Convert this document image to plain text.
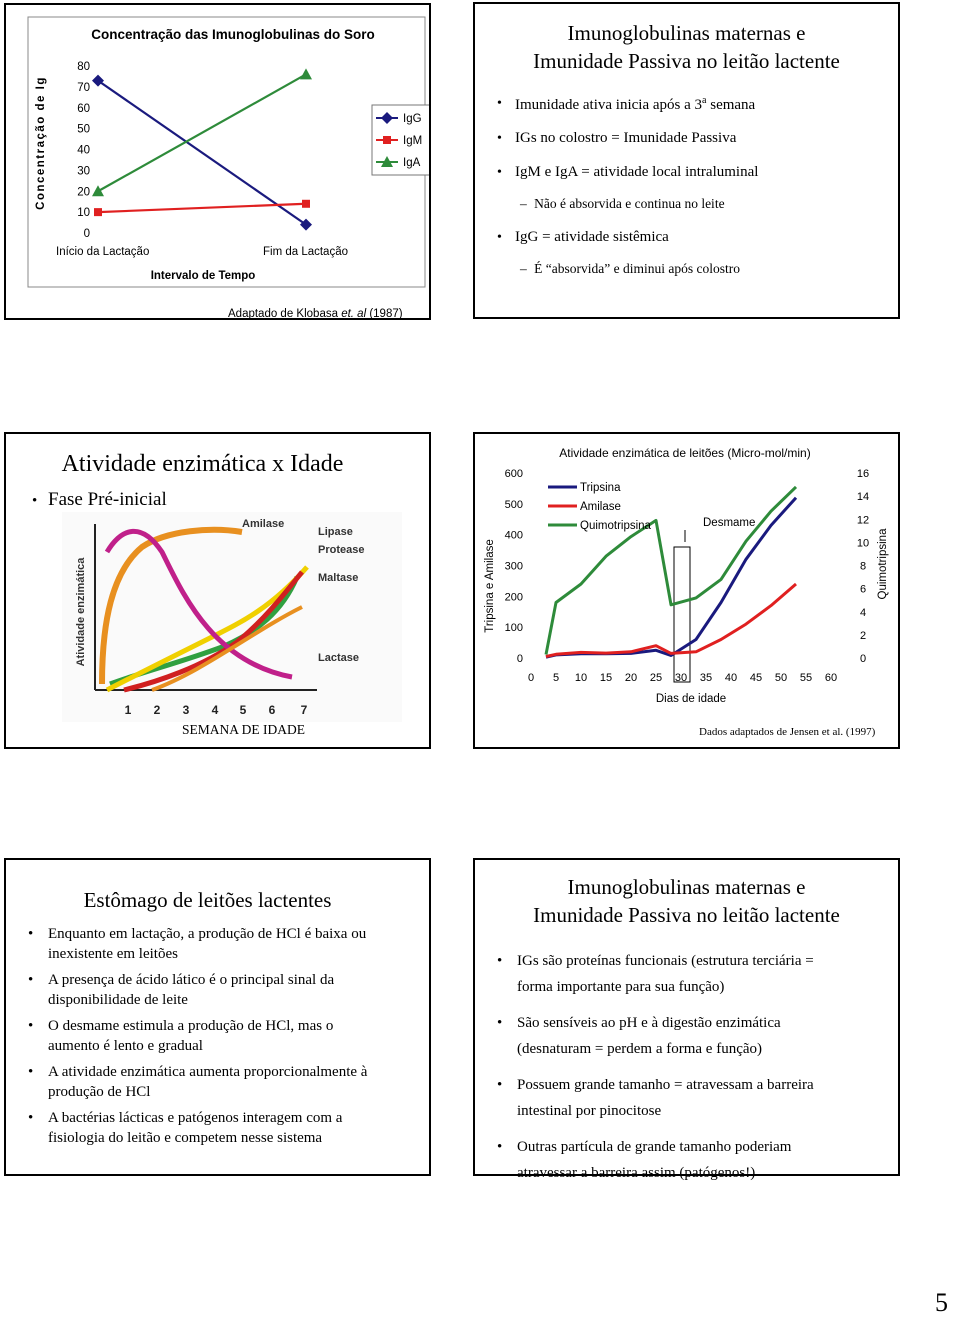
Concentração das Imunoglobulinas do Soro
Concentração de Ig
Intervalo de Tempo
0
10
20
30
40
50
60
70
80
Início da Lactação	Fim da Lactação
IgG
IgM
IgA
Adaptado de Klobasa et. al (1987)
Imunoglobulinas maternas e
Imunidade Passiva no leitão lactente
• Imunidade ativa inicia após a 3$^a$ semana
• IGs no colostro = Imunidade Passiva
• IgM e IgA = atividade local intraluminal
– Não é absorvida e continua no leite
• IgG = atividade sistêmica
– É “absorvida” e diminui após colostro
Atividade enzimática x Idade
• Fase Pré-inicial
Atividade enzimática
Amilase
Lipase
Protease
Maltase
Lactase
1 2 3 4 5 6 7
SEMANA DE IDADE
Atividade enzimática de leitões (Micro-mol/min)
Tripsina e Amilase	Quimotripsina
Dias de idade
0
100
200
300
400
500
600
0
2
4
6
8
10
12
14
16
0 5 10 15 20 25 30 35 40 45 50 55 60
Desmame
Tripsina
Amilase
Quimotripsina
Dados adaptados de Jensen et al. (1997)
Estômago de leitões lactentes
• Enquanto em lactação, a produção de HCl é baixa ou
inexistente em leitões
• A presença de ácido lático é o principal sinal da
disponibilidade de leite
• O desmame estimula a produção de HCl, mas o
aumento é lento e gradual
• A atividade enzimática aumenta proporcionalmente à
produção de HCl
• A bactérias lácticas e patógenos interagem com a
fisiologia do leitão e competem nesse sistema
Imunoglobulinas maternas e
Imunidade Passiva no leitão lactente
• IGs são proteínas funcionais (estrutura terciária =
forma importante para sua função)
• São sensíveis ao pH e à digestão enzimática
(desnaturam = perdem a forma e função)
• Possuem grande tamanho = atravessam a barreira
intestinal por pinocitose
• Outras partícula de grande tamanho poderiam
atravessar a barreira assim (patógenos!)
5
